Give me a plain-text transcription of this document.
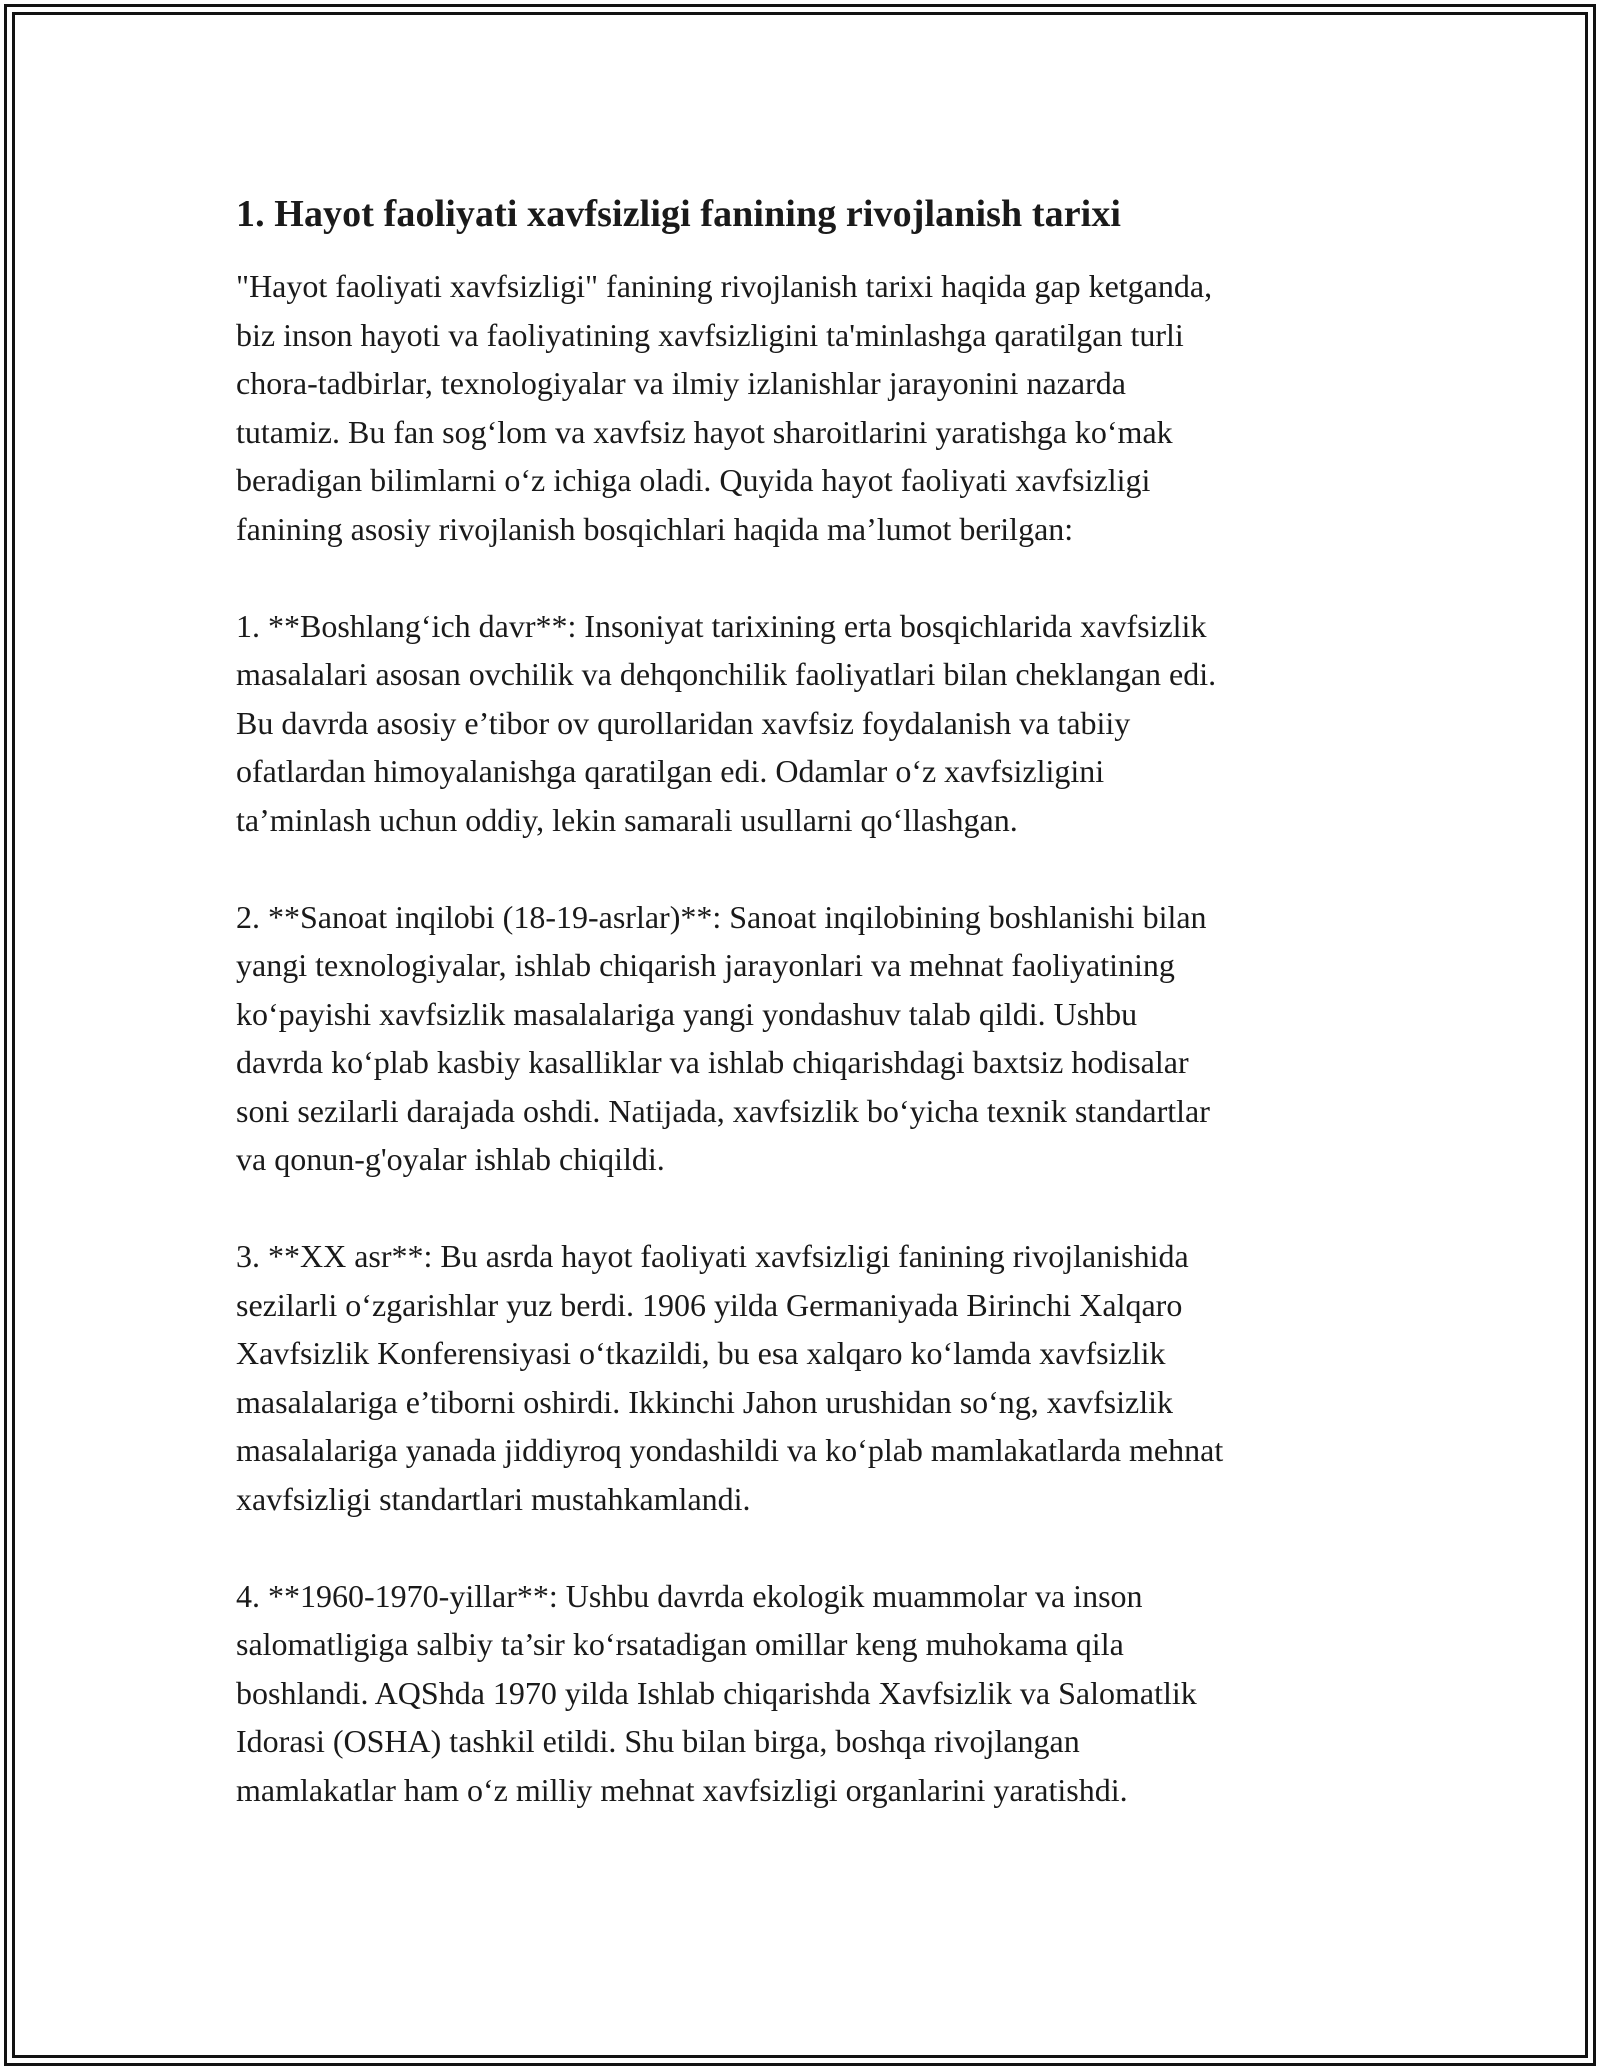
1. Hayot faoliyati xavfsizligi fanining rivojlanish tarixi

"Hayot faoliyati xavfsizligi" fanining rivojlanish tarixi haqida gap ketganda,
biz inson hayoti va faoliyatining xavfsizligini ta'minlashga qaratilgan turli
chora-tadbirlar, texnologiyalar va ilmiy izlanishlar jarayonini nazarda
tutamiz. Bu fan sog‘lom va xavfsiz hayot sharoitlarini yaratishga ko‘mak
beradigan bilimlarni o‘z ichiga oladi. Quyida hayot faoliyati xavfsizligi
fanining asosiy rivojlanish bosqichlari haqida ma’lumot berilgan:

1. **Boshlang‘ich davr**: Insoniyat tarixining erta bosqichlarida xavfsizlik
masalalari asosan ovchilik va dehqonchilik faoliyatlari bilan cheklangan edi.
Bu davrda asosiy e’tibor ov qurollaridan xavfsiz foydalanish va tabiiy
ofatlardan himoyalanishga qaratilgan edi. Odamlar o‘z xavfsizligini
ta’minlash uchun oddiy, lekin samarali usullarni qo‘llashgan.

2. **Sanoat inqilobi (18-19-asrlar)**: Sanoat inqilobining boshlanishi bilan
yangi texnologiyalar, ishlab chiqarish jarayonlari va mehnat faoliyatining
ko‘payishi xavfsizlik masalalariga yangi yondashuv talab qildi. Ushbu
davrda ko‘plab kasbiy kasalliklar va ishlab chiqarishdagi baxtsiz hodisalar
soni sezilarli darajada oshdi. Natijada, xavfsizlik bo‘yicha texnik standartlar
va qonun-g'oyalar ishlab chiqildi.

3. **XX asr**: Bu asrda hayot faoliyati xavfsizligi fanining rivojlanishida
sezilarli o‘zgarishlar yuz berdi. 1906 yilda Germaniyada Birinchi Xalqaro
Xavfsizlik Konferensiyasi o‘tkazildi, bu esa xalqaro ko‘lamda xavfsizlik
masalalariga e’tiborni oshirdi. Ikkinchi Jahon urushidan so‘ng, xavfsizlik
masalalariga yanada jiddiyroq yondashildi va ko‘plab mamlakatlarda mehnat
xavfsizligi standartlari mustahkamlandi.

4. **1960-1970-yillar**: Ushbu davrda ekologik muammolar va inson
salomatligiga salbiy ta’sir ko‘rsatadigan omillar keng muhokama qila
boshlandi. AQShda 1970 yilda Ishlab chiqarishda Xavfsizlik va Salomatlik
Idorasi (OSHA) tashkil etildi. Shu bilan birga, boshqa rivojlangan
mamlakatlar ham o‘z milliy mehnat xavfsizligi organlarini yaratishdi.
